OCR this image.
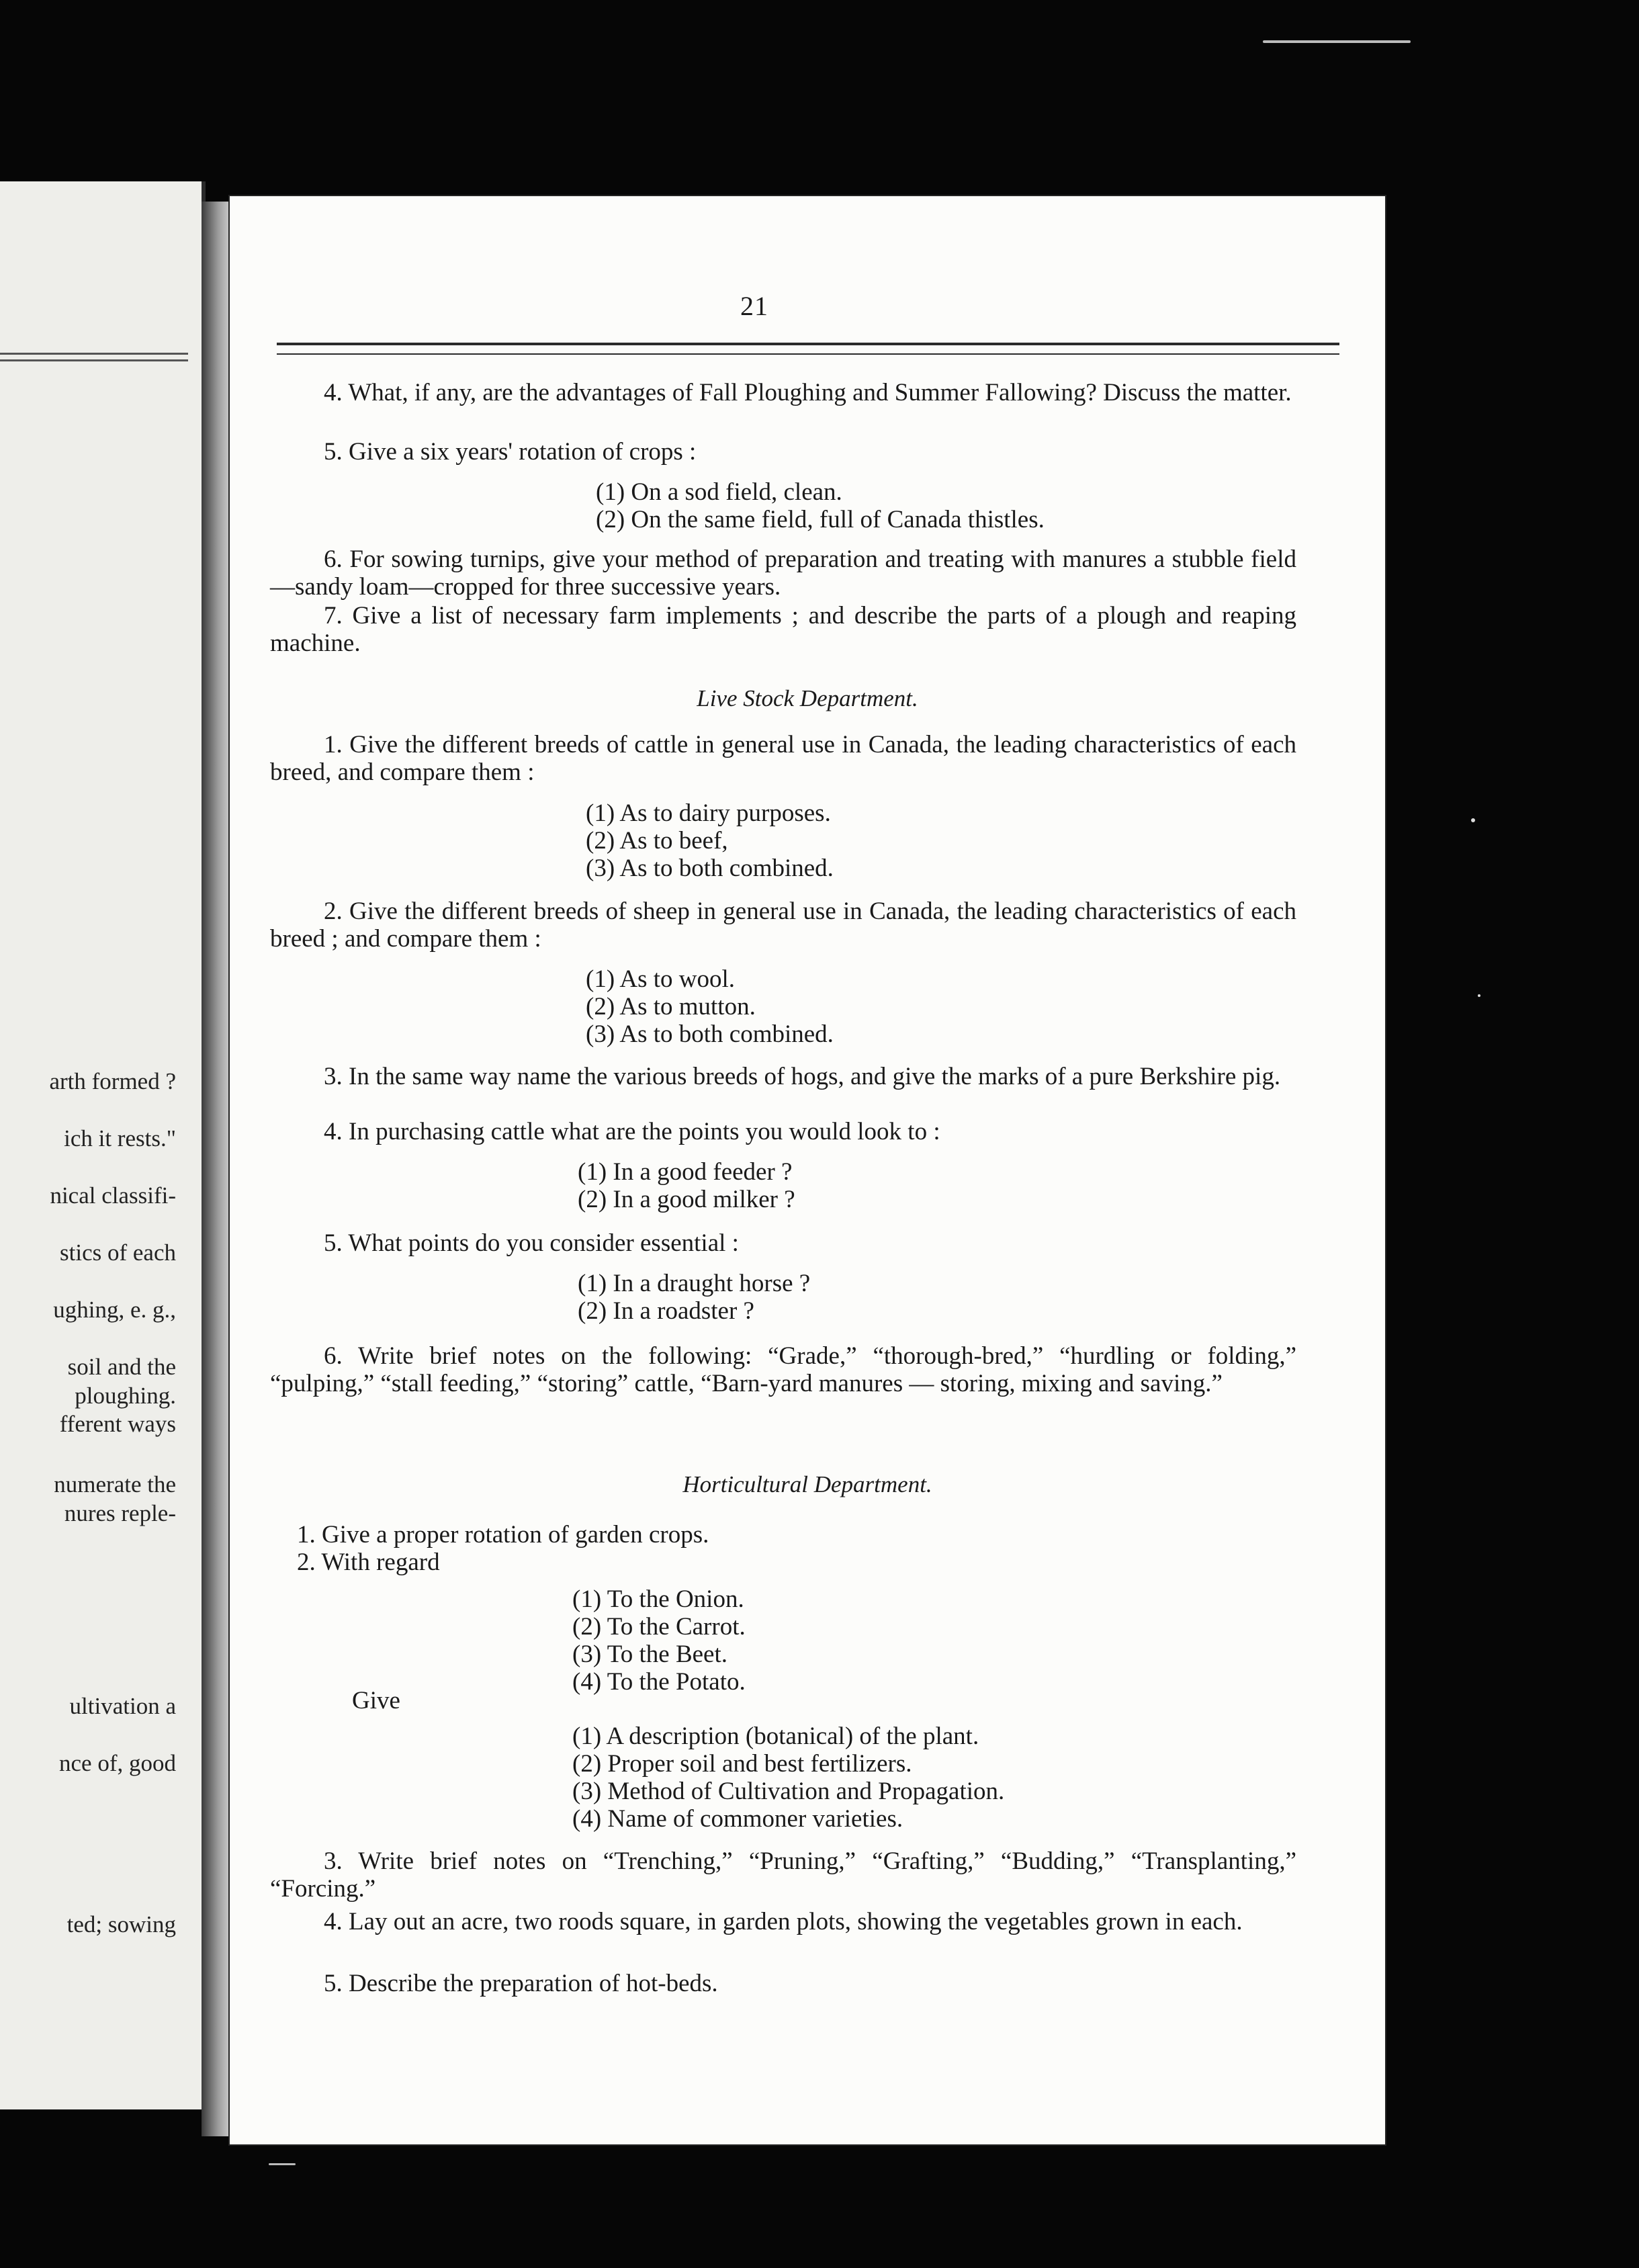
arth formed ?
ich it rests."
nical classifi-
stics of each
ughing, e. g.,
soil and the
ploughing.
fferent ways
numerate the
nures reple-
ultivation a
nce of, good
ted; sowing
21
4. What, if any, are the advantages of Fall Ploughing and Summer Fallowing? Discuss the matter.
5. Give a six years' rotation of crops :
(1) On a sod field, clean.
(2) On the same field, full of Canada thistles.
6. For sowing turnips, give your method of preparation and treating with manures a stubble field—sandy loam—cropped for three successive years.
7. Give a list of necessary farm implements ; and describe the parts of a plough and reaping machine.
Live Stock Department.
1. Give the different breeds of cattle in general use in Canada, the leading characteristics of each breed, and compare them :
(1) As to dairy purposes.
(2) As to beef,
(3) As to both combined.
2. Give the different breeds of sheep in general use in Canada, the leading characteristics of each breed ; and compare them :
(1) As to wool.
(2) As to mutton.
(3) As to both combined.
3. In the same way name the various breeds of hogs, and give the marks of a pure Berkshire pig.
4. In purchasing cattle what are the points you would look to :
(1) In a good feeder ?
(2) In a good milker ?
5. What points do you consider essential :
(1) In a draught horse ?
(2) In a roadster ?
6. Write brief notes on the following: “Grade,” “thorough-bred,” “hurdling or folding,” “pulping,” “stall feeding,” “storing” cattle, “Barn-yard manures — storing, mixing and saving.”
Horticultural Department.
1. Give a proper rotation of garden crops.
2. With regard
(1) To the Onion.
(2) To the Carrot.
(3) To the Beet.
(4) To the Potato.
Give
(1) A description (botanical) of the plant.
(2) Proper soil and best fertilizers.
(3) Method of Cultivation and Propagation.
(4) Name of commoner varieties.
3. Write brief notes on “Trenching,” “Pruning,” “Grafting,” “Budding,” “Transplanting,” “Forcing.”
4. Lay out an acre, two roods square, in garden plots, showing the vegetables grown in each.
5. Describe the preparation of hot-beds.
